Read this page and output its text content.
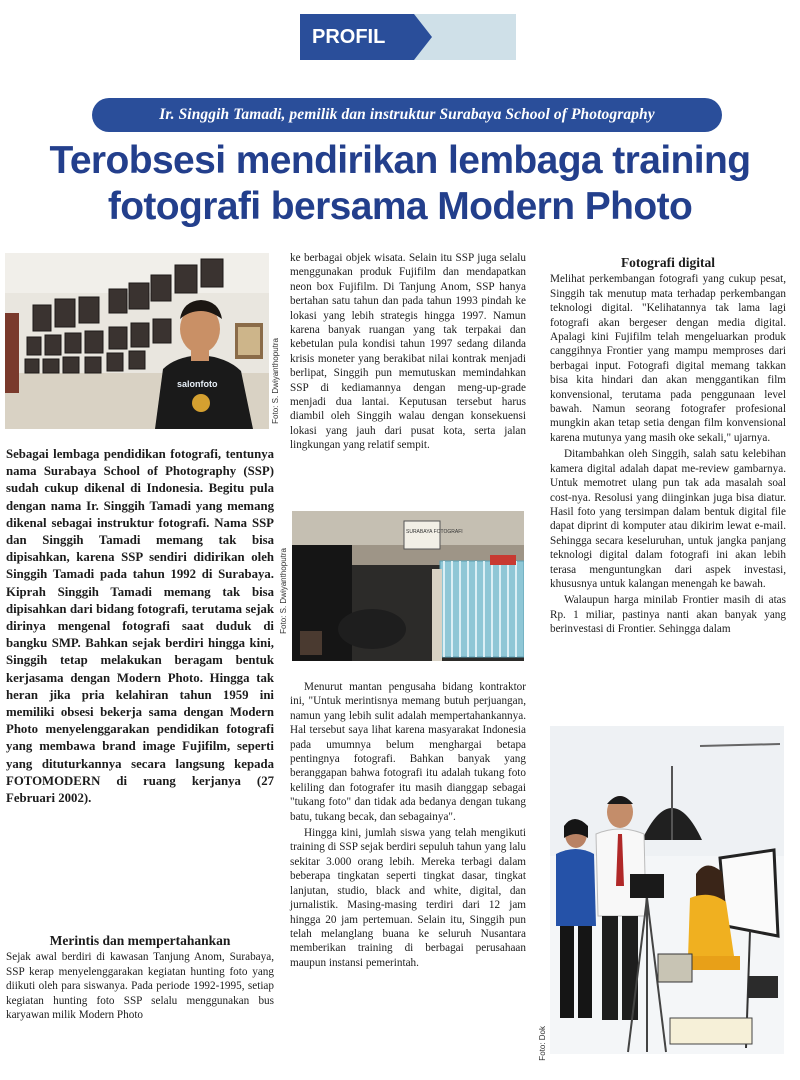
PROFIL
Ir. Singgih Tamadi, pemilik dan instruktur Surabaya School of Photography
Terobsesi mendirikan lembaga training
fotografi bersama Modern Photo
salonfoto	Foto: S. Dwiyanthoputra

Sebagai lembaga pendidikan fotografi, tentunya nama Surabaya School of Photography (SSP) sudah cukup dikenal di Indonesia. Begitu pula dengan nama Ir. Singgih Tamadi yang memang dikenal sebagai instruktur fotografi. Nama SSP dan Singgih Tamadi memang tak bisa dipisahkan, karena SSP sendiri didirikan oleh Singgih Tamadi pada tahun 1992 di Surabaya. Kiprah Singgih Tamadi memang tak bisa dipisahkan dari bidang fotografi, terutama sejak dirinya mengenal fotografi saat duduk di bangku SMP. Bahkan sejak berdiri hingga kini, Singgih tetap melakukan beragam bentuk kerjasama dengan Modern Photo. Hingga tak heran jika pria kelahiran tahun 1959 ini memiliki obsesi bekerja sama dengan Modern Photo menyelenggarakan pendidikan fotografi yang membawa brand image Fujifilm, seperti yang dituturkannya secara langsung kepada FOTOMODERN di ruang kerjanya (27 Februari 2002).

Merintis dan mempertahankan

Sejak awal berdiri di kawasan Tanjung Anom, Surabaya, SSP kerap menyelenggarakan kegiatan hunting foto yang diikuti oleh para siswanya. Pada periode 1992-1995, setiap kegiatan hunting foto SSP selalu menggunakan bus karyawan milik Modern Photo

ke berbagai objek wisata. Selain itu SSP juga selalu menggunakan produk Fujifilm dan mendapatkan neon box Fujifilm. Di Tanjung Anom, SSP hanya bertahan satu tahun dan pada tahun 1993 pindah ke lokasi yang lebih strategis hingga 1997. Namun karena banyak ruangan yang tak terpakai dan kebetulan pula kondisi tahun 1997 sedang dilanda krisis moneter yang berakibat nilai kontrak menjadi berlipat, Singgih pun memutuskan memindahkan SSP di kediamannya dengan meng-up-grade menjadi dua lantai. Keputusan tersebut harus diambil oleh Singgih walau dengan konsekuensi lokasi yang jauh dari pusat kota, serta jalan lingkungan yang relatif sempit.

SURABAYA FOTOGRAFI
Foto: S. Dwiyanthoputra

Menurut mantan pengusaha bidang kontraktor ini, "Untuk merintisnya memang butuh perjuangan, namun yang lebih sulit adalah mempertahankannya. Hal tersebut saya lihat karena masyarakat Indonesia pada umumnya belum menghargai betapa pentingnya fotografi. Bahkan banyak yang beranggapan bahwa fotografi itu adalah tukang foto keliling dan fotografer itu masih dianggap sebagai "tukang foto" dan tidak ada bedanya dengan tukang batu, tukang becak, dan sebagainya".

Hingga kini, jumlah siswa yang telah mengikuti training di SSP sejak berdiri sepuluh tahun yang lalu sekitar 3.000 orang lebih. Mereka terbagi dalam beberapa tingkatan seperti tingkat dasar, tingkat lanjutan, studio, black and white, digital, dan jurnalistik. Masing-masing terdiri dari 12 jam hingga 20 jam pertemuan. Selain itu, Singgih pun telah melanglang buana ke seluruh Nusantara memberikan training di berbagai perusahaan maupun instansi pemerintah.

Fotografi digital

Melihat perkembangan fotografi yang cukup pesat, Singgih tak menutup mata terhadap perkembangan teknologi digital. "Kelihatannya tak lama lagi fotografi akan bergeser dengan media digital. Apalagi kini Fujifilm telah mengeluarkan produk canggihnya Frontier yang mampu memproses dari berbagai input. Fotografi digital memang takkan bisa kita hindari dan akan menggantikan film konvensional, terutama pada penggunaan level bawah. Namun seorang fotografer profesional mungkin akan tetap setia dengan film konvensional karena mutunya yang masih oke sekali," ujarnya.

Ditambahkan oleh Singgih, salah satu kelebihan kamera digital adalah dapat me-review gambarnya. Untuk memotret ulang pun tak ada masalah soal cost-nya. Resolusi yang diinginkan juga bisa diatur. Hasil foto yang tersimpan dalam bentuk digital file dapat diprint di komputer atau dikirim lewat e-mail. Sehingga secara keseluruhan, untuk jangka panjang teknologi digital dalam fotografi ini akan lebih terasa menguntungkan dari aspek investasi, khususnya untuk kalangan menengah ke bawah.

Walaupun harga minilab Frontier masih di atas Rp. 1 miliar, pastinya nanti akan banyak yang berinvestasi di Frontier. Sehingga dalam

Foto: Dok
